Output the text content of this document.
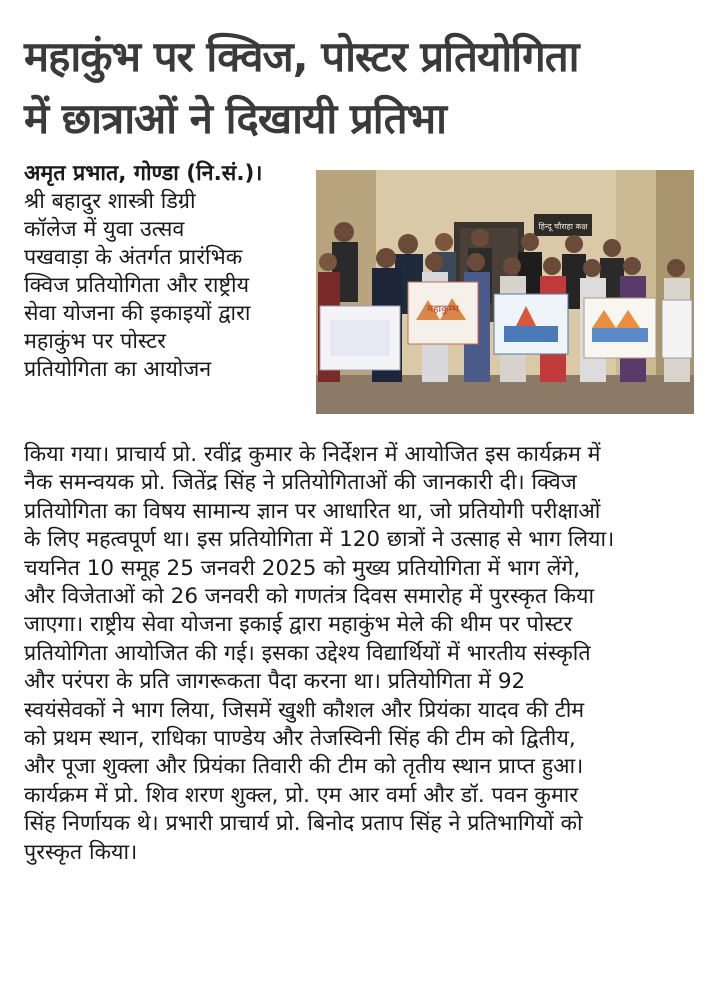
महाकुंभ पर क्विज, पोस्टर प्रतियोगिता
में छात्राओं ने दिखायी प्रतिभा
अमृत प्रभात, गोण्डा (नि.सं.)।
श्री बहादुर शास्त्री डिग्री
कॉलेज में युवा उत्सव
पखवाड़ा के अंतर्गत प्रारंभिक
क्विज प्रतियोगिता और राष्ट्रीय
सेवा योजना की इकाइयों द्वारा
महाकुंभ पर पोस्टर
प्रतियोगिता का आयोजन
हिन्दू चौराहा कक्ष
महाकुम्भ
किया गया। प्राचार्य प्रो. रवींद्र कुमार के निर्देशन में आयोजित इस कार्यक्रम में
नैक समन्वयक प्रो. जितेंद्र सिंह ने प्रतियोगिताओं की जानकारी दी। क्विज
प्रतियोगिता का विषय सामान्य ज्ञान पर आधारित था, जो प्रतियोगी परीक्षाओं
के लिए महत्वपूर्ण था। इस प्रतियोगिता में 120 छात्रों ने उत्साह से भाग लिया।
चयनित 10 समूह 25 जनवरी 2025 को मुख्य प्रतियोगिता में भाग लेंगे,
और विजेताओं को 26 जनवरी को गणतंत्र दिवस समारोह में पुरस्कृत किया
जाएगा। राष्ट्रीय सेवा योजना इकाई द्वारा महाकुंभ मेले की थीम पर पोस्टर
प्रतियोगिता आयोजित की गई। इसका उद्देश्य विद्यार्थियों में भारतीय संस्कृति
और परंपरा के प्रति जागरूकता पैदा करना था। प्रतियोगिता में 92
स्वयंसेवकों ने भाग लिया, जिसमें खुशी कौशल और प्रियंका यादव की टीम
को प्रथम स्थान, राधिका पाण्डेय और तेजस्विनी सिंह की टीम को द्वितीय,
और पूजा शुक्ला और प्रियंका तिवारी की टीम को तृतीय स्थान प्राप्त हुआ।
कार्यक्रम में प्रो. शिव शरण शुक्ल, प्रो. एम आर वर्मा और डॉ. पवन कुमार
सिंह निर्णायक थे। प्रभारी प्राचार्य प्रो. बिनोद प्रताप सिंह ने प्रतिभागियों को
पुरस्कृत किया।
